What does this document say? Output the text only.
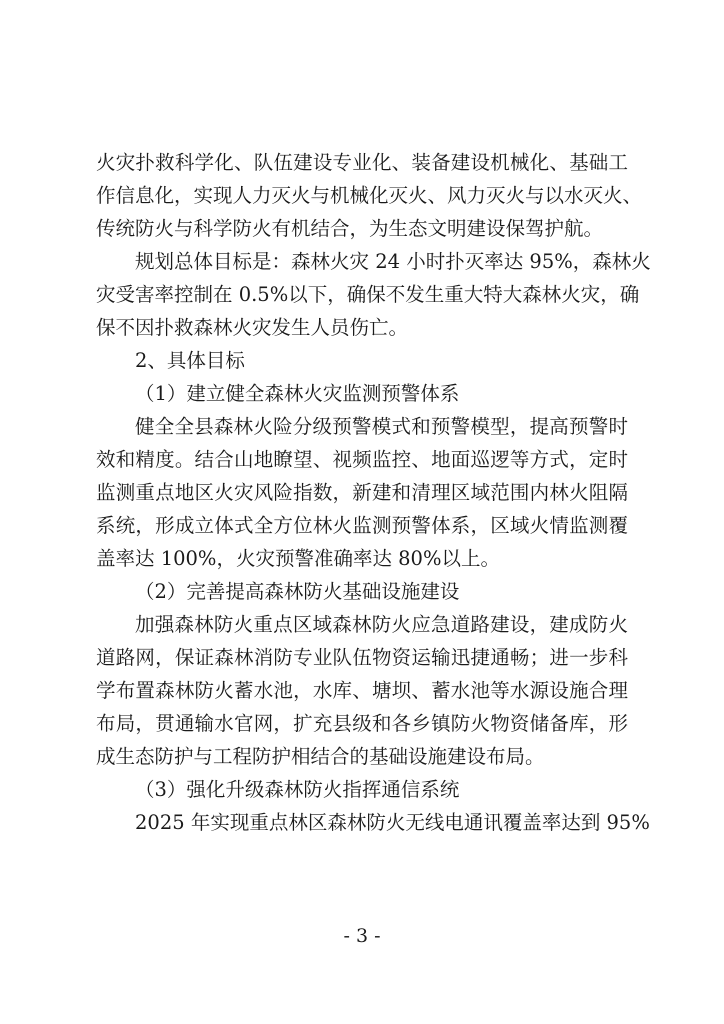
火灾扑救科学化、队伍建设专业化、装备建设机械化、基础工
作信息化，实现人力灭火与机械化灭火、风力灭火与以水灭火、
传统防火与科学防火有机结合，为生态文明建设保驾护航。
规划总体目标是：森林火灾 24 小时扑灭率达 95%，森林火
灾受害率控制在 0.5%以下，确保不发生重大特大森林火灾，确
保不因扑救森林火灾发生人员伤亡。
2、具体目标
（1）建立健全森林火灾监测预警体系
健全全县森林火险分级预警模式和预警模型，提高预警时
效和精度。结合山地瞭望、视频监控、地面巡逻等方式，定时
监测重点地区火灾风险指数，新建和清理区域范围内林火阻隔
系统，形成立体式全方位林火监测预警体系，区域火情监测覆
盖率达 100%，火灾预警准确率达 80%以上。
（2）完善提高森林防火基础设施建设
加强森林防火重点区域森林防火应急道路建设，建成防火
道路网，保证森林消防专业队伍物资运输迅捷通畅；进一步科
学布置森林防火蓄水池，水库、塘坝、蓄水池等水源设施合理
布局，贯通输水官网，扩充县级和各乡镇防火物资储备库，形
成生态防护与工程防护相结合的基础设施建设布局。
（3）强化升级森林防火指挥通信系统
2025 年实现重点林区森林防火无线电通讯覆盖率达到 95%
- 3 -
